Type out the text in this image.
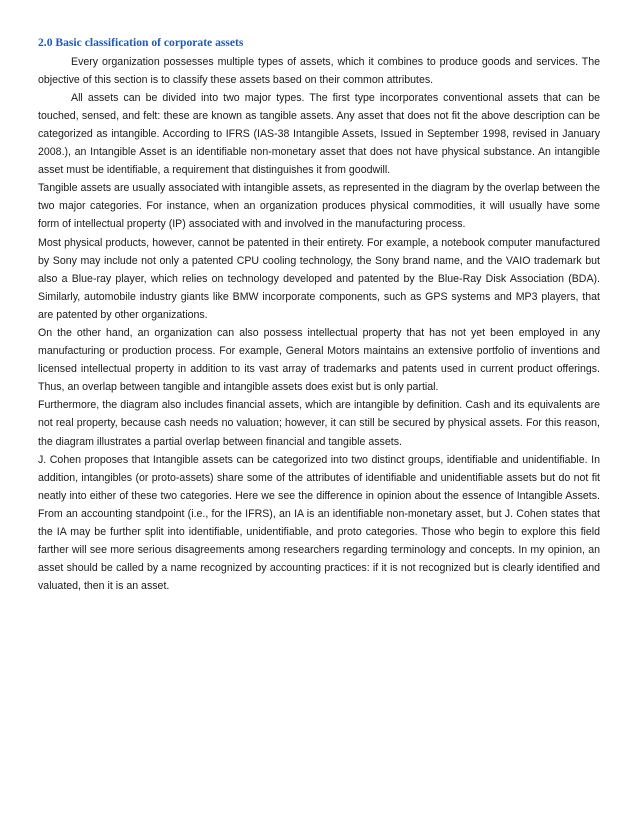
2.0 Basic classification of corporate assets

Every organization possesses multiple types of assets, which it combines to produce goods and services. The objective of this section is to classify these assets based on their common attributes.

All assets can be divided into two major types. The first type incorporates conventional assets that can be touched, sensed, and felt: these are known as tangible assets. Any asset that does not fit the above description can be categorized as intangible. According to IFRS (IAS-38 Intangible Assets, Issued in September 1998, revised in January 2008.), an Intangible Asset is an identifiable non-monetary asset that does not have physical substance. An intangible asset must be identifiable, a requirement that distinguishes it from goodwill.

Tangible assets are usually associated with intangible assets, as represented in the diagram by the overlap between the two major categories. For instance, when an organization produces physical commodities, it will usually have some form of intellectual property (IP) associated with and involved in the manufacturing process.

Most physical products, however, cannot be patented in their entirety. For example, a notebook computer manufactured by Sony may include not only a patented CPU cooling technology, the Sony brand name, and the VAIO trademark but also a Blue-ray player, which relies on technology developed and patented by the Blue-Ray Disk Association (BDA). Similarly, automobile industry giants like BMW incorporate components, such as GPS systems and MP3 players, that are patented by other organizations.

On the other hand, an organization can also possess intellectual property that has not yet been employed in any manufacturing or production process. For example, General Motors maintains an extensive portfolio of inventions and licensed intellectual property in addition to its vast array of trademarks and patents used in current product offerings. Thus, an overlap between tangible and intangible assets does exist but is only partial.

Furthermore, the diagram also includes financial assets, which are intangible by definition. Cash and its equivalents are not real property, because cash needs no valuation; however, it can still be secured by physical assets. For this reason, the diagram illustrates a partial overlap between financial and tangible assets.

J. Cohen proposes that Intangible assets can be categorized into two distinct groups, identifiable and unidentifiable. In addition, intangibles (or proto-assets) share some of the attributes of identifiable and unidentifiable assets but do not fit neatly into either of these two categories. Here we see the difference in opinion about the essence of Intangible Assets. From an accounting standpoint (i.e., for the IFRS), an IA is an identifiable non-monetary asset, but J. Cohen states that the IA may be further split into identifiable, unidentifiable, and proto categories. Those who begin to explore this field farther will see more serious disagreements among researchers regarding terminology and concepts. In my opinion, an asset should be called by a name recognized by accounting practices: if it is not recognized but is clearly identified and valuated, then it is an asset.
